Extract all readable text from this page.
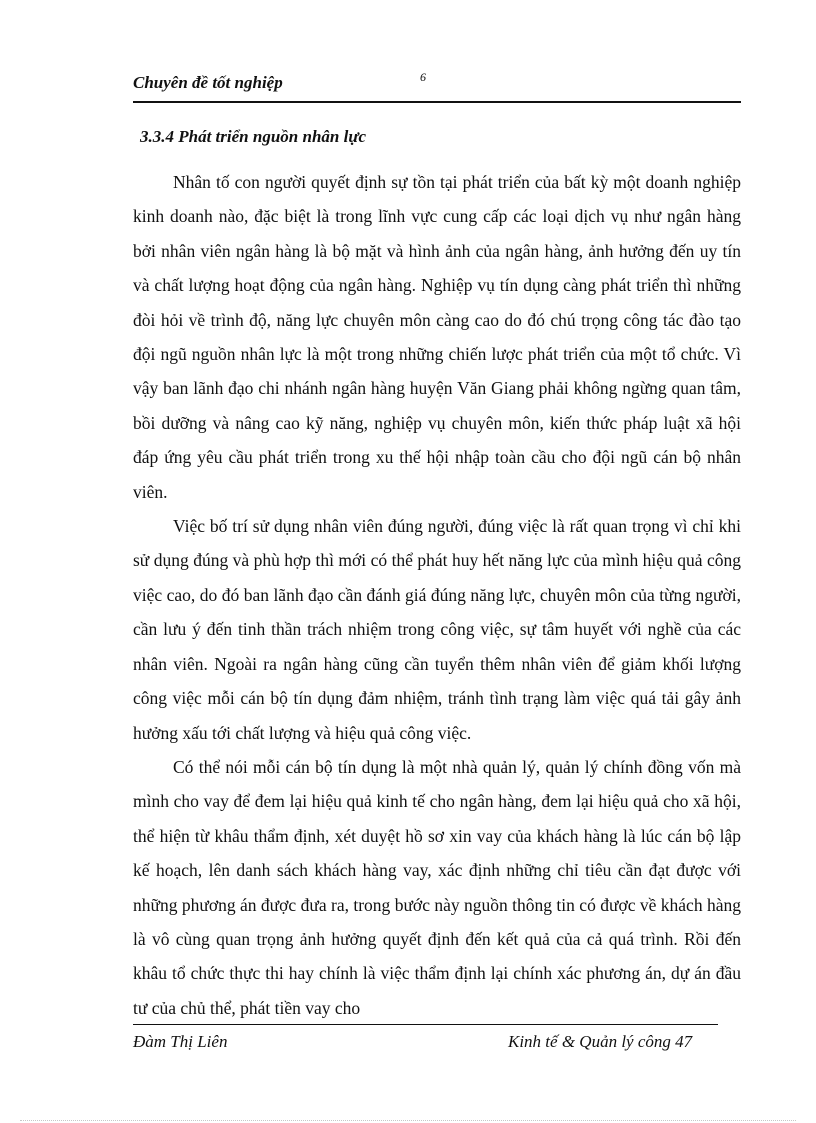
Chuyên đề tốt nghiệp	6
3.3.4 Phát triển nguồn nhân lực

Nhân tố con người quyết định sự tồn tại phát triển của bất kỳ một doanh nghiệp kinh doanh nào, đặc biệt là trong lĩnh vực cung cấp các loại dịch vụ như ngân hàng bởi nhân viên ngân hàng là bộ mặt và hình ảnh của ngân hàng, ảnh hưởng đến uy tín và chất lượng hoạt động của ngân hàng. Nghiệp vụ tín dụng càng phát triển thì những đòi hỏi về trình độ, năng lực chuyên môn càng cao do đó chú trọng công tác đào tạo đội ngũ nguồn nhân lực là một trong những chiến lược phát triển của một tổ chức. Vì vậy ban lãnh đạo chi nhánh ngân hàng huyện Văn Giang phải không ngừng quan tâm, bồi dưỡng và nâng cao kỹ năng, nghiệp vụ chuyên môn, kiến thức pháp luật xã hội đáp ứng yêu cầu phát triển trong xu thế hội nhập toàn cầu cho đội ngũ cán bộ nhân viên.

Việc bố trí sử dụng nhân viên đúng người, đúng việc là rất quan trọng vì chỉ khi sử dụng đúng và phù hợp thì mới có thể phát huy hết năng lực của mình hiệu quả công việc cao, do đó ban lãnh đạo cần đánh giá đúng năng lực, chuyên môn của từng người, cần lưu ý đến tinh thần trách nhiệm trong công việc, sự tâm huyết với nghề của các nhân viên. Ngoài ra ngân hàng cũng cần tuyển thêm nhân viên để giảm khối lượng công việc mỗi cán bộ tín dụng đảm nhiệm, tránh tình trạng làm việc quá tải gây ảnh hưởng xấu tới chất lượng và hiệu quả công việc.

Có thể nói mỗi cán bộ tín dụng là một nhà quản lý, quản lý chính đồng vốn mà mình cho vay để đem lại hiệu quả kinh tế cho ngân hàng, đem lại hiệu quả cho xã hội, thể hiện từ khâu thẩm định, xét duyệt hồ sơ xin vay của khách hàng là lúc cán bộ lập kế hoạch, lên danh sách khách hàng vay, xác định những chỉ tiêu cần đạt được với những phương án được đưa ra, trong bước này nguồn thông tin có được về khách hàng là vô cùng quan trọng ảnh hưởng quyết định đến kết quả của cả quá trình. Rồi đến khâu tổ chức thực thi hay chính là việc thẩm định lại chính xác phương án, dự án đầu tư của chủ thể, phát tiền vay cho

Đàm Thị Liên	Kinh tế & Quản lý công 47
